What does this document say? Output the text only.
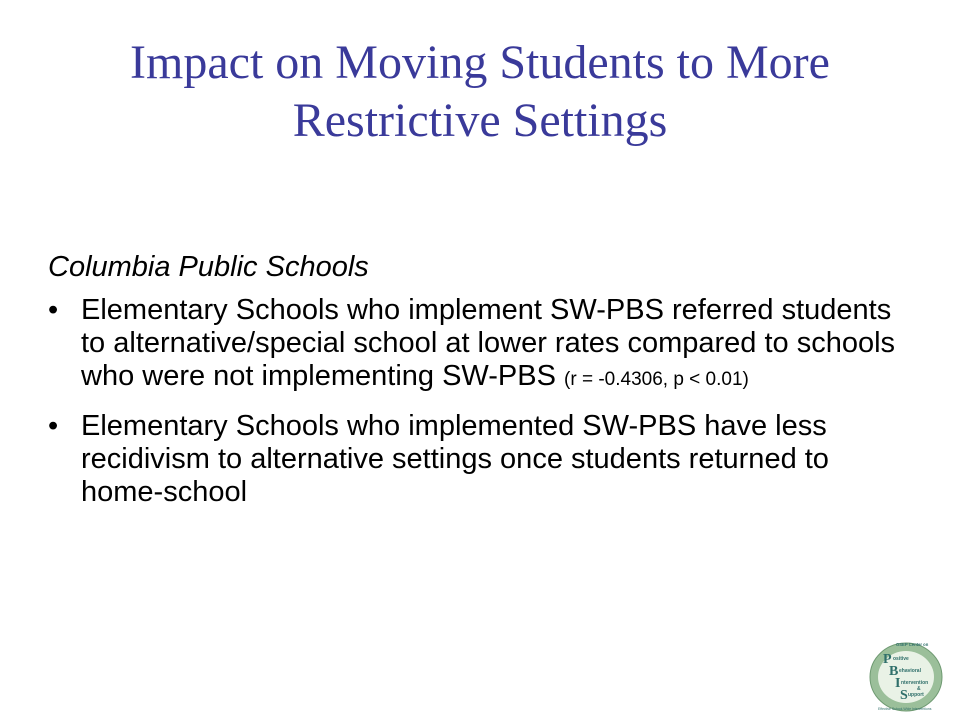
Impact on Moving Students to More
Restrictive Settings
Columbia Public Schools
• Elementary Schools who implement SW-PBS referred students to alternative/special school at lower rates compared to schools who were not implementing SW-PBS (r = -0.4306, p < 0.01)
• Elementary Schools who implemented SW-PBS have less recidivism to alternative settings once students returned to home-school
OSEP Center on
P ositive
B ehavioral
I ntervention
&
S upport
Effective School-Wide Interventions
